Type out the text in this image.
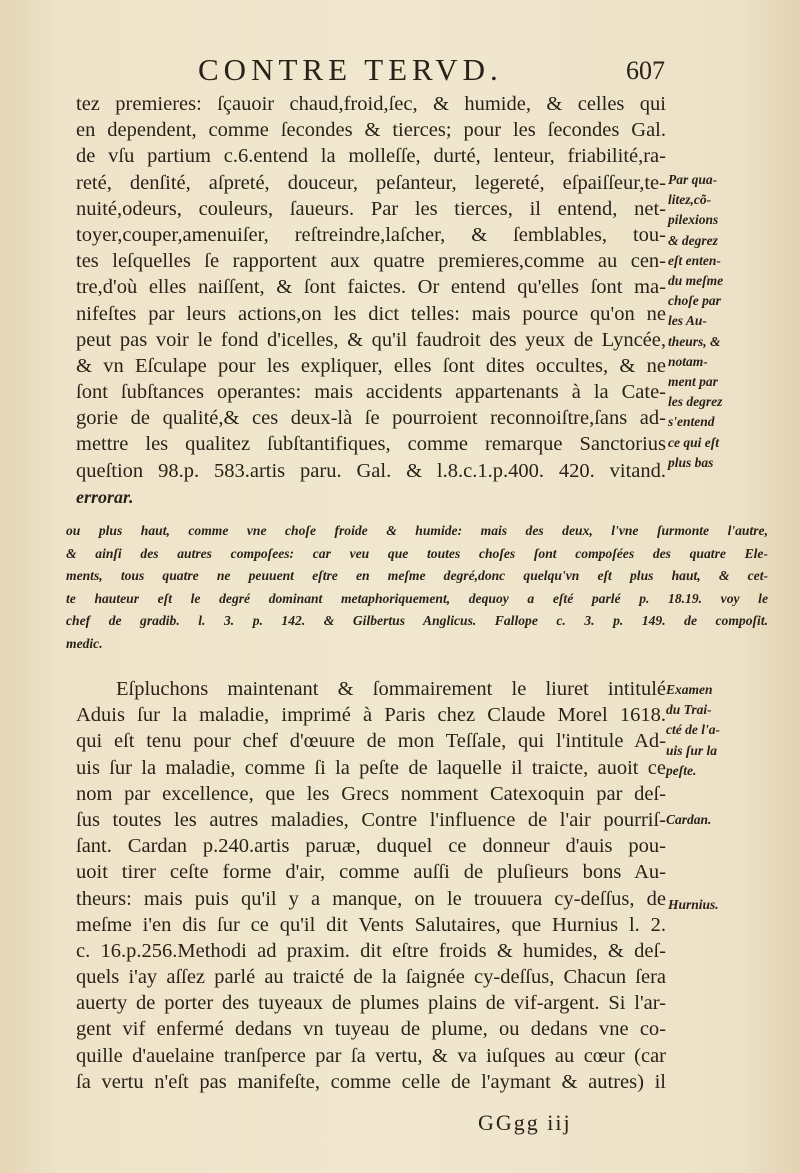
CONTRE TERVD.	607
tez premieres: ſçauoir chaud,froid,ſec, & humide, & celles qui
en dependent, comme ſecondes & tierces; pour les ſecondes Gal.
de vſu partium c.6.entend la molleſſe, durté, lenteur, friabilité,ra-
reté, denſité, aſpreté, douceur, peſanteur, legereté, eſpaiſſeur,te-
nuité,odeurs, couleurs, ſaueurs. Par les tierces, il entend, net-
toyer,couper,amenuiſer, reſtreindre,laſcher, & ſemblables, tou-
tes leſquelles ſe rapportent aux quatre premieres,comme au cen-
tre,d'où elles naiſſent, & ſont faictes. Or entend qu'elles ſont ma-
nifeſtes par leurs actions,on les dict telles: mais pource qu'on ne
peut pas voir le fond d'icelles, & qu'il faudroit des yeux de Lyncée,
& vn Eſculape pour les expliquer, elles ſont dites occultes, & ne
ſont ſubſtances operantes: mais accidents appartenants à la Cate-
gorie de qualité,& ces deux-là ſe pourroient reconnoiſtre,ſans ad-
mettre les qualitez ſubſtantifiques, comme remarque Sanctorius
queſtion 98.p. 583.artis paru. Gal. & l.8.c.1.p.400. 420. vitand.
errorar.
Par qua-
litez,cõ-
pilexions
& degrez
eſt enten-
du meſme
choſe par
les Au-
theurs, &
notam-
ment par
les degrez
s'entend
ce qui eſt
plus bas
ou plus haut, comme vne choſe froide & humide: mais des deux, l'vne ſurmonte l'autre,
& ainſi des autres compoſees: car veu que toutes choſes ſont compoſées des quatre Ele-
ments, tous quatre ne peuuent eſtre en meſme degré,donc quelqu'vn eſt plus haut, & cet-
te hauteur eſt le degré dominant metaphoriquement, dequoy a eſté parlé p. 18.19. voy le
chef de gradib. l. 3. p. 142. & Gilbertus Anglicus. Fallope c. 3. p. 149. de compoſit.
medic.
Eſpluchons maintenant & ſommairement le liuret intitulé
Aduis ſur la maladie, imprimé à Paris chez Claude Morel 1618.
qui eſt tenu pour chef d'œuure de mon Teſſale, qui l'intitule Ad-
uis ſur la maladie, comme ſi la peſte de laquelle il traicte, auoit ce
nom par excellence, que les Grecs nomment Catexoquin par deſ-
ſus toutes les autres maladies, Contre l'influence de l'air pourriſ-
ſant. Cardan p.240.artis paruæ, duquel ce donneur d'auis pou-
uoit tirer ceſte forme d'air, comme auſſi de pluſieurs bons Au-
theurs: mais puis qu'il y a manque, on le trouuera cy-deſſus, de
meſme i'en dis ſur ce qu'il dit Vents Salutaires, que Hurnius l. 2.
c. 16.p.256.Methodi ad praxim. dit eſtre froids & humides, & deſ-
quels i'ay aſſez parlé au traicté de la ſaignée cy-deſſus, Chacun ſera
auerty de porter des tuyeaux de plumes plains de vif-argent. Si l'ar-
gent vif enfermé dedans vn tuyeau de plume, ou dedans vne co-
quille d'auelaine tranſperce par ſa vertu, & va iuſques au cœur (car
ſa vertu n'eſt pas manifeſte, comme celle de l'aymant & autres) il
Examen
du Trai-
cté de l'a-
uis ſur la
peſte.
Cardan.
Hurnius.
GGgg iij
